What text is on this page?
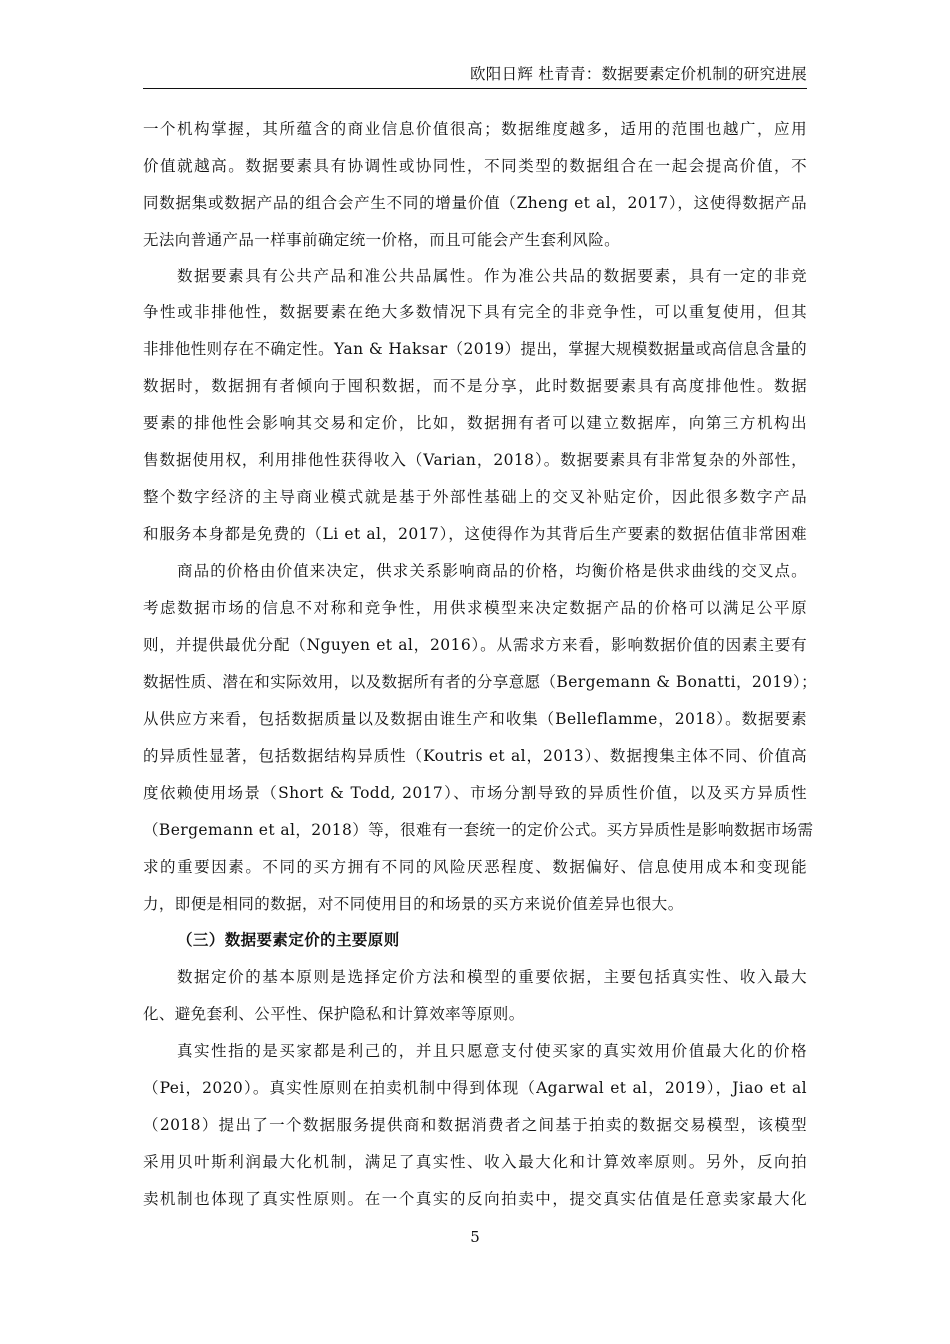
欧阳日辉 杜青青：数据要素定价机制的研究进展
一个机构掌握，其所蕴含的商业信息价值很高；数据维度越多，适用的范围也越广，应用
价值就越高。数据要素具有协调性或协同性，不同类型的数据组合在一起会提高价值，不
同数据集或数据产品的组合会产生不同的增量价值（Zheng et al，2017），这使得数据产品
无法向普通产品一样事前确定统一价格，而且可能会产生套利风险。
数据要素具有公共产品和准公共品属性。作为准公共品的数据要素，具有一定的非竞
争性或非排他性，数据要素在绝大多数情况下具有完全的非竞争性，可以重复使用，但其
非排他性则存在不确定性。Yan & Haksar（2019）提出，掌握大规模数据量或高信息含量的
数据时，数据拥有者倾向于囤积数据，而不是分享，此时数据要素具有高度排他性。数据
要素的排他性会影响其交易和定价，比如，数据拥有者可以建立数据库，向第三方机构出
售数据使用权，利用排他性获得收入（Varian，2018）。数据要素具有非常复杂的外部性，
整个数字经济的主导商业模式就是基于外部性基础上的交叉补贴定价，因此很多数字产品
和服务本身都是免费的（Li et al，2017），这使得作为其背后生产要素的数据估值非常困难
商品的价格由价值来决定，供求关系影响商品的价格，均衡价格是供求曲线的交叉点。
考虑数据市场的信息不对称和竞争性，用供求模型来决定数据产品的价格可以满足公平原
则，并提供最优分配（Nguyen et al，2016）。从需求方来看，影响数据价值的因素主要有
数据性质、潜在和实际效用，以及数据所有者的分享意愿（Bergemann & Bonatti，2019）；
从供应方来看，包括数据质量以及数据由谁生产和收集（Belleflamme，2018）。数据要素
的异质性显著，包括数据结构异质性（Koutris et al，2013）、数据搜集主体不同、价值高
度依赖使用场景（Short & Todd, 2017）、市场分割导致的异质性价值，以及买方异质性
（Bergemann et al，2018）等，很难有一套统一的定价公式。买方异质性是影响数据市场需
求的重要因素。不同的买方拥有不同的风险厌恶程度、数据偏好、信息使用成本和变现能
力，即便是相同的数据，对不同使用目的和场景的买方来说价值差异也很大。
（三）数据要素定价的主要原则
数据定价的基本原则是选择定价方法和模型的重要依据，主要包括真实性、收入最大
化、避免套利、公平性、保护隐私和计算效率等原则。
真实性指的是买家都是利己的，并且只愿意支付使买家的真实效用价值最大化的价格
（Pei，2020）。真实性原则在拍卖机制中得到体现（Agarwal et al，2019），Jiao et al
（2018）提出了一个数据服务提供商和数据消费者之间基于拍卖的数据交易模型，该模型
采用贝叶斯利润最大化机制，满足了真实性、收入最大化和计算效率原则。另外，反向拍
卖机制也体现了真实性原则。在一个真实的反向拍卖中，提交真实估值是任意卖家最大化
5
